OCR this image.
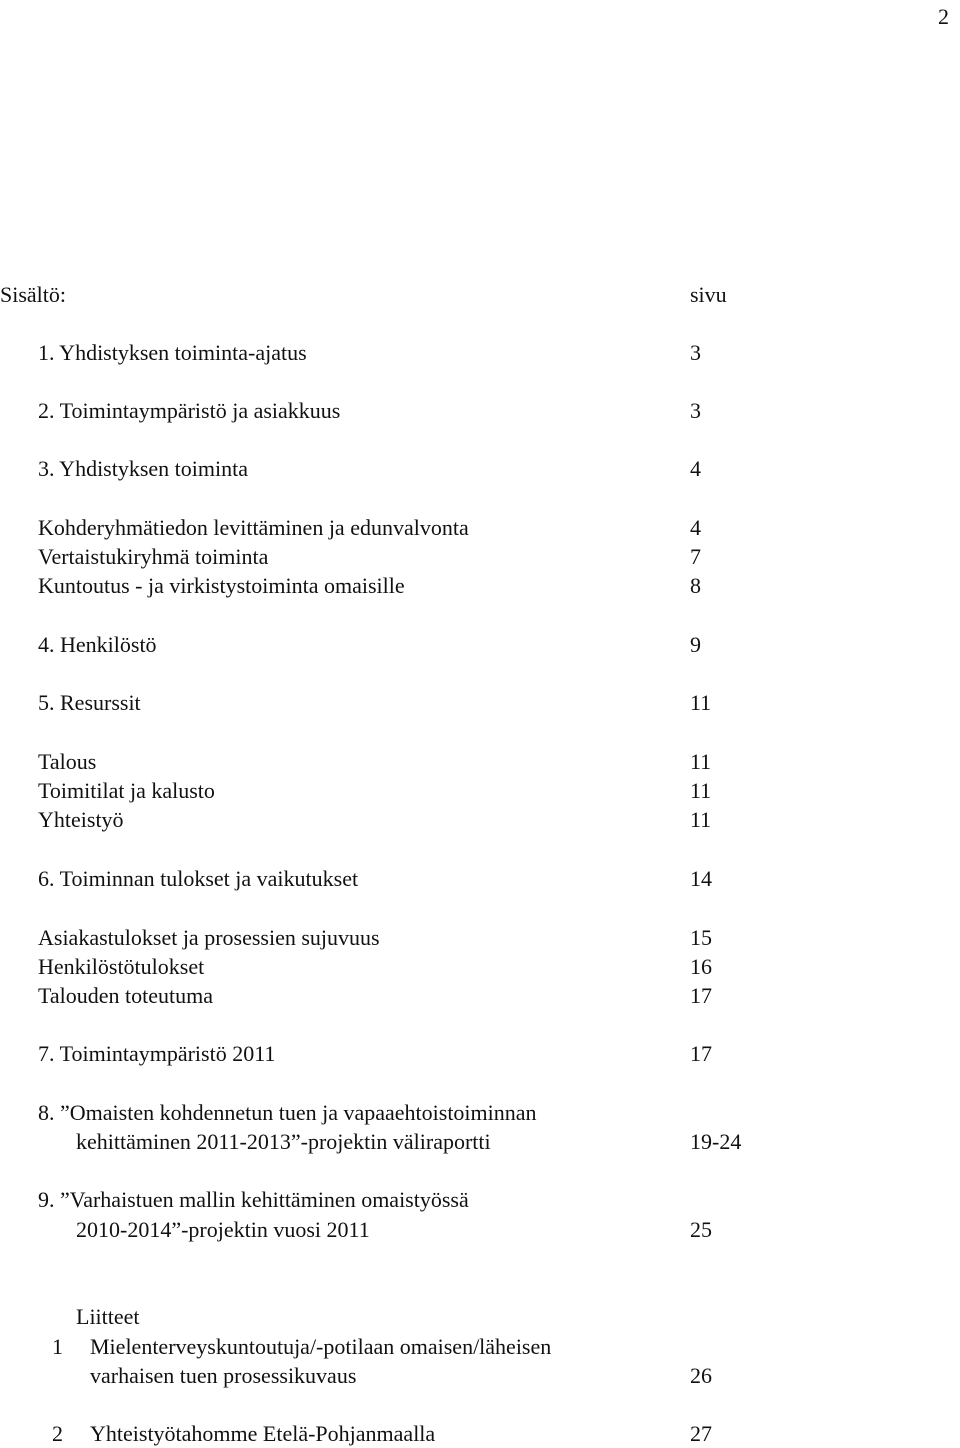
2
Sisältö:	sivu
1. Yhdistyksen toiminta-ajatus	3
2. Toimintaympäristö ja asiakkuus	3
3. Yhdistyksen toiminta	4
Kohderyhmätiedon levittäminen ja edunvalvonta	4
Vertaistukiryhmä toiminta	7
Kuntoutus - ja virkistystoiminta omaisille	8
4. Henkilöstö	9
5. Resurssit	11
Talous	11
Toimitilat ja kalusto	11
Yhteistyö	11
6. Toiminnan tulokset ja vaikutukset	14
Asiakastulokset ja prosessien sujuvuus	15
Henkilöstötulokset	16
Talouden toteutuma	17
7. Toimintaympäristö 2011	17
8. ”Omaisten kohdennetun tuen ja vapaaehtoistoiminnan
kehittäminen 2011-2013”-projektin väliraportti	19-24
9. ”Varhaistuen mallin kehittäminen omaistyössä
2010-2014”-projektin vuosi 2011	25
Liitteet
1 Mielenterveyskuntoutuja/-potilaan omaisen/läheisen
varhaisen tuen prosessikuvaus	26
2 Yhteistyötahomme Etelä-Pohjanmaalla	27
